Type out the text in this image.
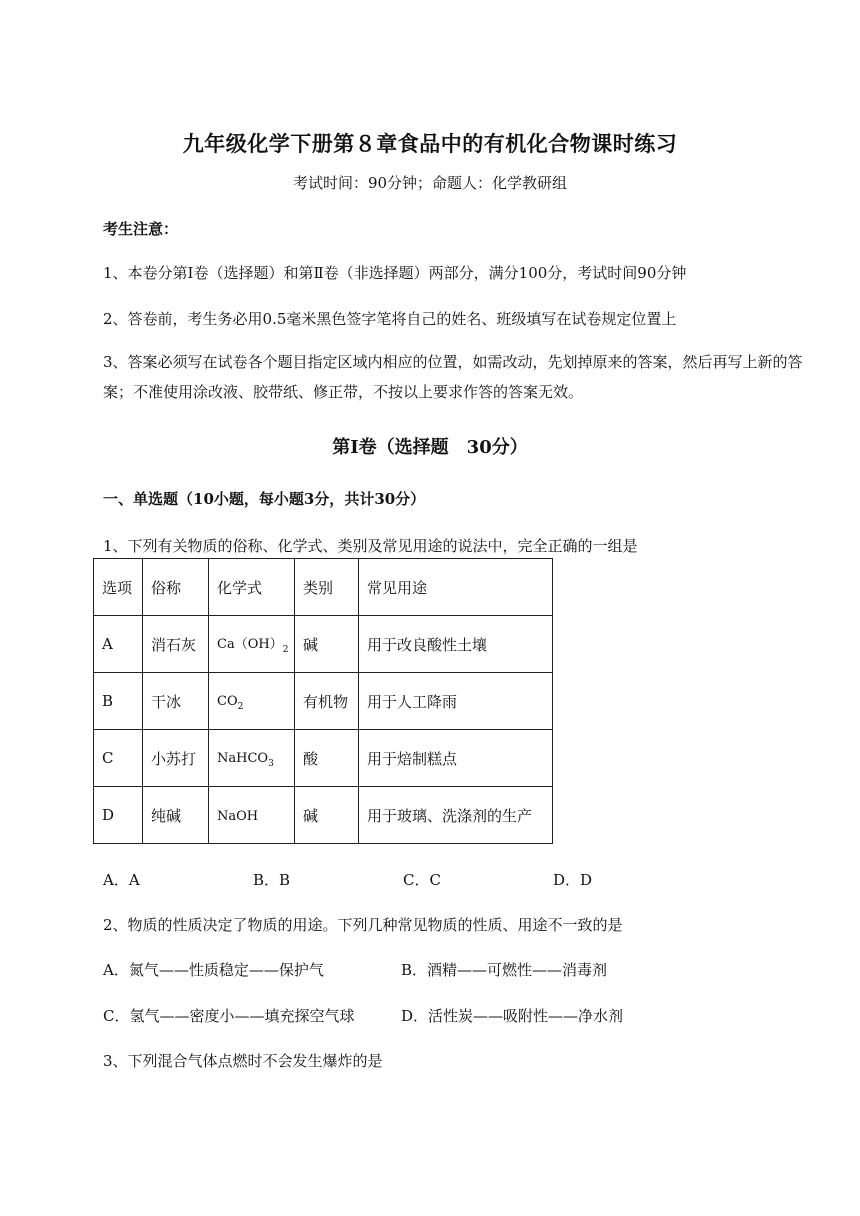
九年级化学下册第８章食品中的有机化合物课时练习
考试时间：90分钟；命题人：化学教研组
考生注意：
1、本卷分第Ⅰ卷（选择题）和第Ⅱ卷（非选择题）两部分，满分100分，考试时间90分钟
2、答卷前，考生务必用0.5毫米黑色签字笔将自己的姓名、班级填写在试卷规定位置上
3、答案必须写在试卷各个题目指定区域内相应的位置，如需改动，先划掉原来的答案，然后再写上新的答案；不准使用涂改液、胶带纸、修正带，不按以上要求作答的答案无效。
第Ⅰ卷（选择题　30分）
一、单选题（10小题，每小题3分，共计30分）
1、下列有关物质的俗称、化学式、类别及常见用途的说法中，完全正确的一组是
选项	俗称	化学式	类别	常见用途
A	消石灰	$Ca(OH)_2$	碱	用于改良酸性土壤
B	干冰	$CO_2$	有机物	用于人工降雨
C	小苏打	NaHCO$_3$	酸	用于焙制糕点
D	纯碱	NaOH	碱	用于玻璃、洗涤剂的生产
A．A	B．B	C．C	D．D
2、物质的性质决定了物质的用途。下列几种常见物质的性质、用途不一致的是
A．氮气——性质稳定——保护气	B．酒精——可燃性——消毒剂
C．氢气——密度小——填充探空气球	D．活性炭——吸附性——净水剂
3、下列混合气体点燃时不会发生爆炸的是
